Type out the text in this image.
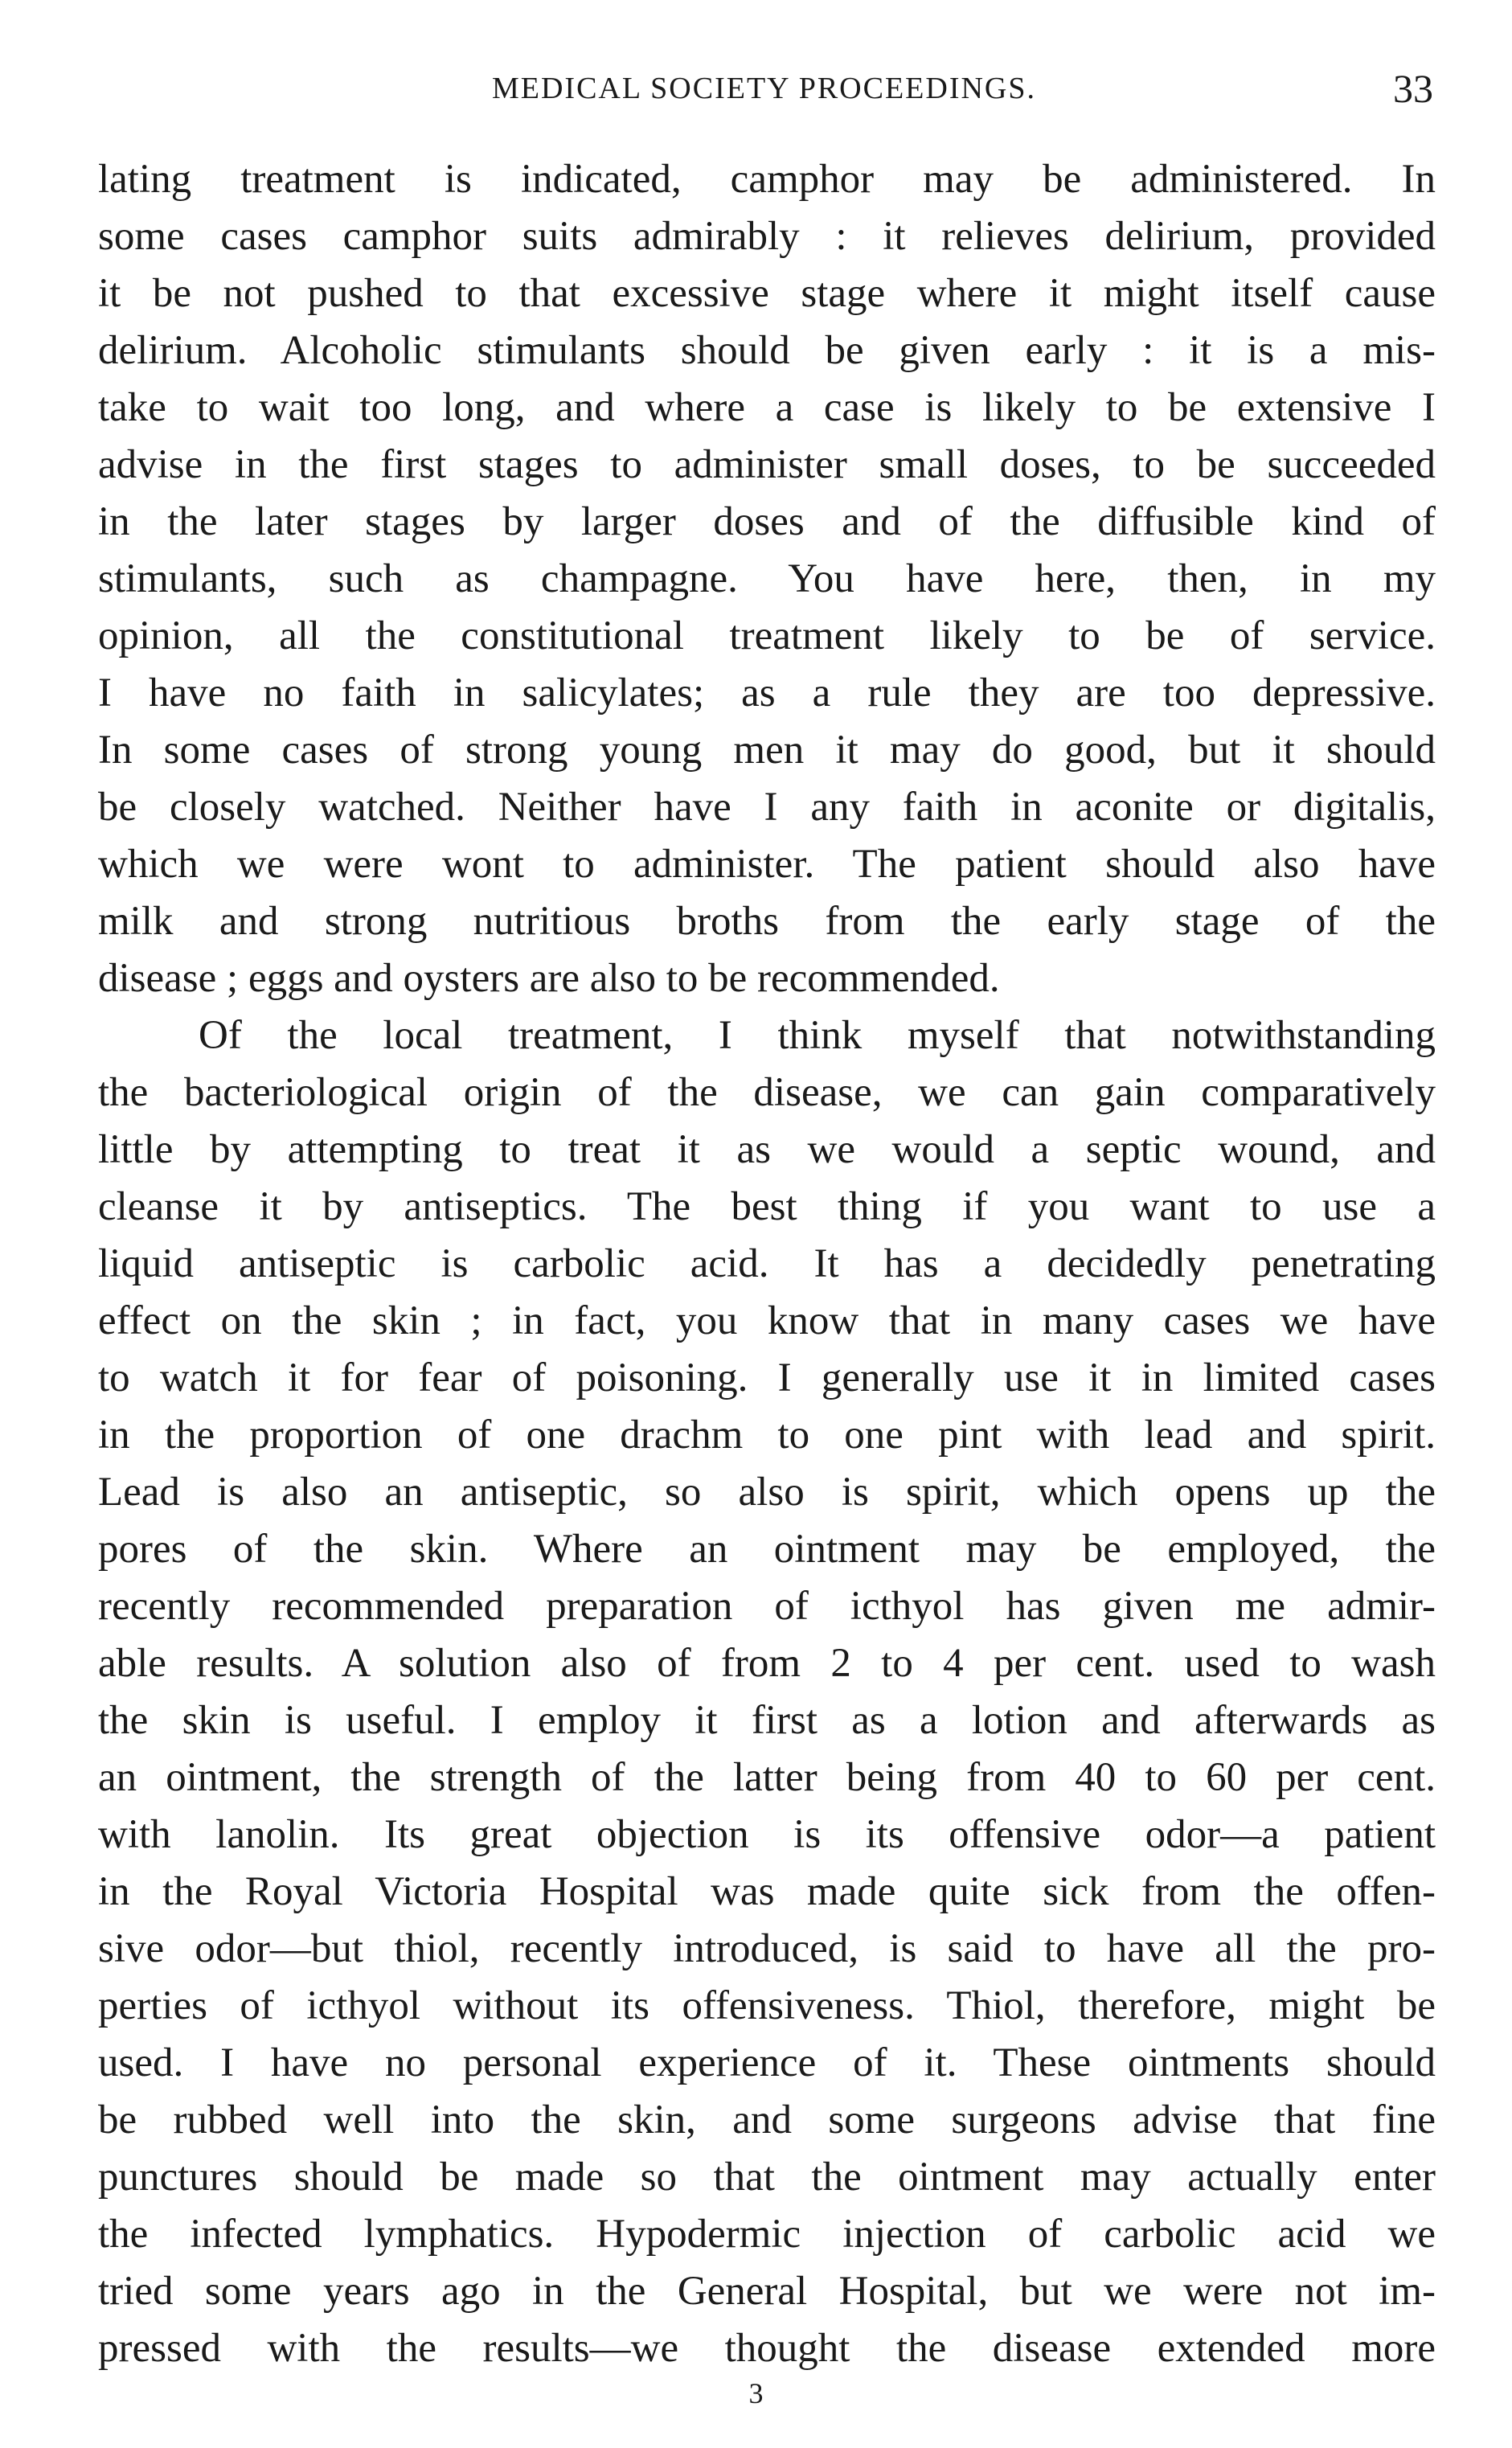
MEDICAL SOCIETY PROCEEDINGS.	33
lating treatment is indicated, camphor may be administered. In
some cases camphor suits admirably : it relieves delirium, provided
it be not pushed to that excessive stage where it might itself cause
delirium. Alcoholic stimulants should be given early : it is a mis-
take to wait too long, and where a case is likely to be extensive I
advise in the first stages to administer small doses, to be succeeded
in the later stages by larger doses and of the diffusible kind of
stimulants, such as champagne. You have here, then, in my
opinion, all the constitutional treatment likely to be of service.
I have no faith in salicylates; as a rule they are too depressive.
In some cases of strong young men it may do good, but it should
be closely watched. Neither have I any faith in aconite or digitalis,
which we were wont to administer. The patient should also have
milk and strong nutritious broths from the early stage of the
disease ; eggs and oysters are also to be recommended.
Of the local treatment, I think myself that notwithstanding
the bacteriological origin of the disease, we can gain comparatively
little by attempting to treat it as we would a septic wound, and
cleanse it by antiseptics. The best thing if you want to use a
liquid antiseptic is carbolic acid. It has a decidedly penetrating
effect on the skin ; in fact, you know that in many cases we have
to watch it for fear of poisoning. I generally use it in limited cases
in the proportion of one drachm to one pint with lead and spirit.
Lead is also an antiseptic, so also is spirit, which opens up the
pores of the skin. Where an ointment may be employed, the
recently recommended preparation of icthyol has given me admir-
able results. A solution also of from 2 to 4 per cent. used to wash
the skin is useful. I employ it first as a lotion and afterwards as
an ointment, the strength of the latter being from 40 to 60 per cent.
with lanolin. Its great objection is its offensive odor—a patient
in the Royal Victoria Hospital was made quite sick from the offen-
sive odor—but thiol, recently introduced, is said to have all the pro-
perties of icthyol without its offensiveness. Thiol, therefore, might be
used. I have no personal experience of it. These ointments should
be rubbed well into the skin, and some surgeons advise that fine
punctures should be made so that the ointment may actually enter
the infected lymphatics. Hypodermic injection of carbolic acid we
tried some years ago in the General Hospital, but we were not im-
pressed with the results—we thought the disease extended more
3
